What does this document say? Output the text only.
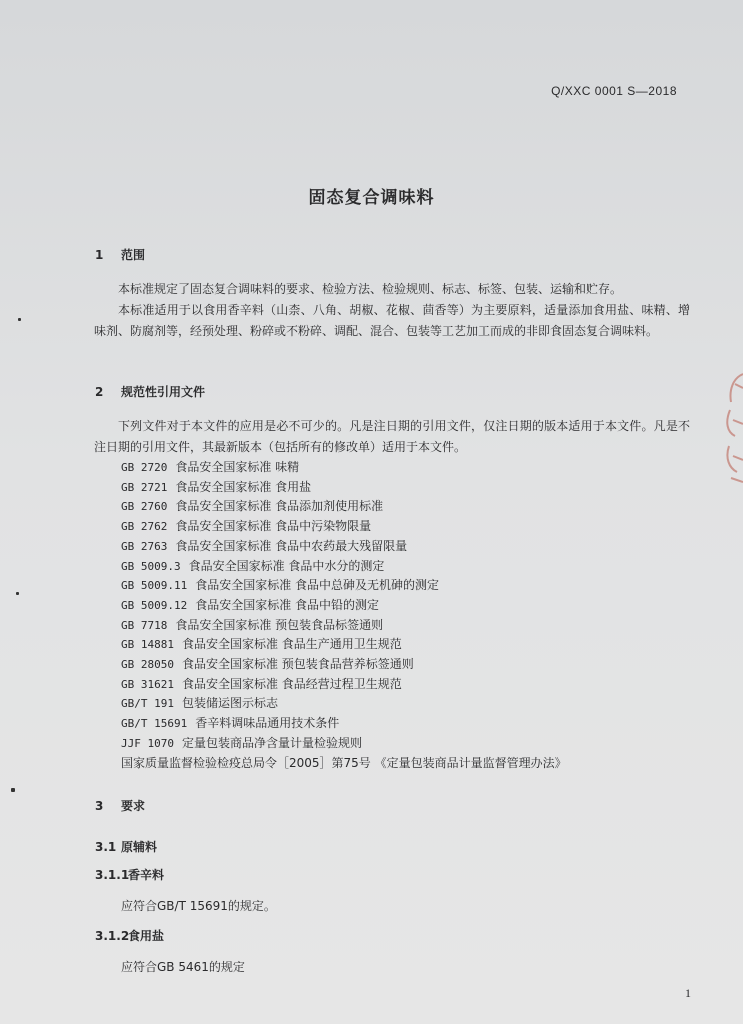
Q/XXC 0001 S—2018
固态复合调味料
1 范围
本标准规定了固态复合调味料的要求、检验方法、检验规则、标志、标签、包装、运输和贮存。
本标准适用于以食用香辛料（山柰、八角、胡椒、花椒、茴香等）为主要原料，适量添加食用盐、味精、增味剂、防腐剂等，经预处理、粉碎或不粉碎、调配、混合、包装等工艺加工而成的非即食固态复合调味料。
2 规范性引用文件
下列文件对于本文件的应用是必不可少的。凡是注日期的引用文件，仅注日期的版本适用于本文件。凡是不注日期的引用文件，其最新版本（包括所有的修改单）适用于本文件。
GB 2720 食品安全国家标准 味精
GB 2721 食品安全国家标准 食用盐
GB 2760 食品安全国家标准 食品添加剂使用标准
GB 2762 食品安全国家标准 食品中污染物限量
GB 2763 食品安全国家标准 食品中农药最大残留限量
GB 5009.3 食品安全国家标准 食品中水分的测定
GB 5009.11 食品安全国家标准 食品中总砷及无机砷的测定
GB 5009.12 食品安全国家标准 食品中铅的测定
GB 7718 食品安全国家标准 预包装食品标签通则
GB 14881 食品安全国家标准 食品生产通用卫生规范
GB 28050 食品安全国家标准 预包装食品营养标签通则
GB 31621 食品安全国家标准 食品经营过程卫生规范
GB/T 191 包装储运图示标志
GB/T 15691 香辛料调味品通用技术条件
JJF 1070 定量包装商品净含量计量检验规则
国家质量监督检验检疫总局令［2005］第75号 《定量包装商品计量监督管理办法》
3 要求
3.1 原辅料
3.1.1香辛料
应符合GB/T 15691的规定。
3.1.2食用盐
应符合GB 5461的规定
1
